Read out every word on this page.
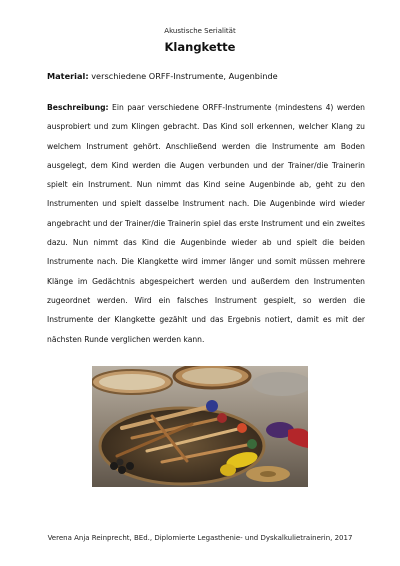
Akustische Serialität
Klangkette
Material: verschiedene ORFF-Instrumente, Augenbinde
Beschreibung: Ein paar verschiedene ORFF-Instrumente (mindestens 4) werden ausprobiert und zum Klingen gebracht. Das Kind soll erkennen, welcher Klang zu welchem Instrument gehört. Anschließend werden die Instrumente am Boden ausgelegt, dem Kind werden die Augen verbunden und der Trainer/die Trainerin spielt ein Instrument. Nun nimmt das Kind seine Augenbinde ab, geht zu den Instrumenten und spielt dasselbe Instrument nach. Die Augenbinde wird wieder angebracht und der Trainer/die Trainerin spiel das erste Instrument und ein zweites dazu. Nun nimmt das Kind die Augenbinde wieder ab und spielt die beiden Instrumente nach. Die Klangkette wird immer länger und somit müssen mehrere Klänge im Gedächtnis abgespeichert werden und außerdem den Instrumenten zugeordnet werden. Wird ein falsches Instrument gespielt, so werden die Instrumente der Klangkette gezählt und das Ergebnis notiert, damit es mit der nächsten Runde verglichen werden kann.
Verena Anja Reinprecht, BEd., Diplomierte Legasthenie- und Dyskalkulietrainerin, 2017
